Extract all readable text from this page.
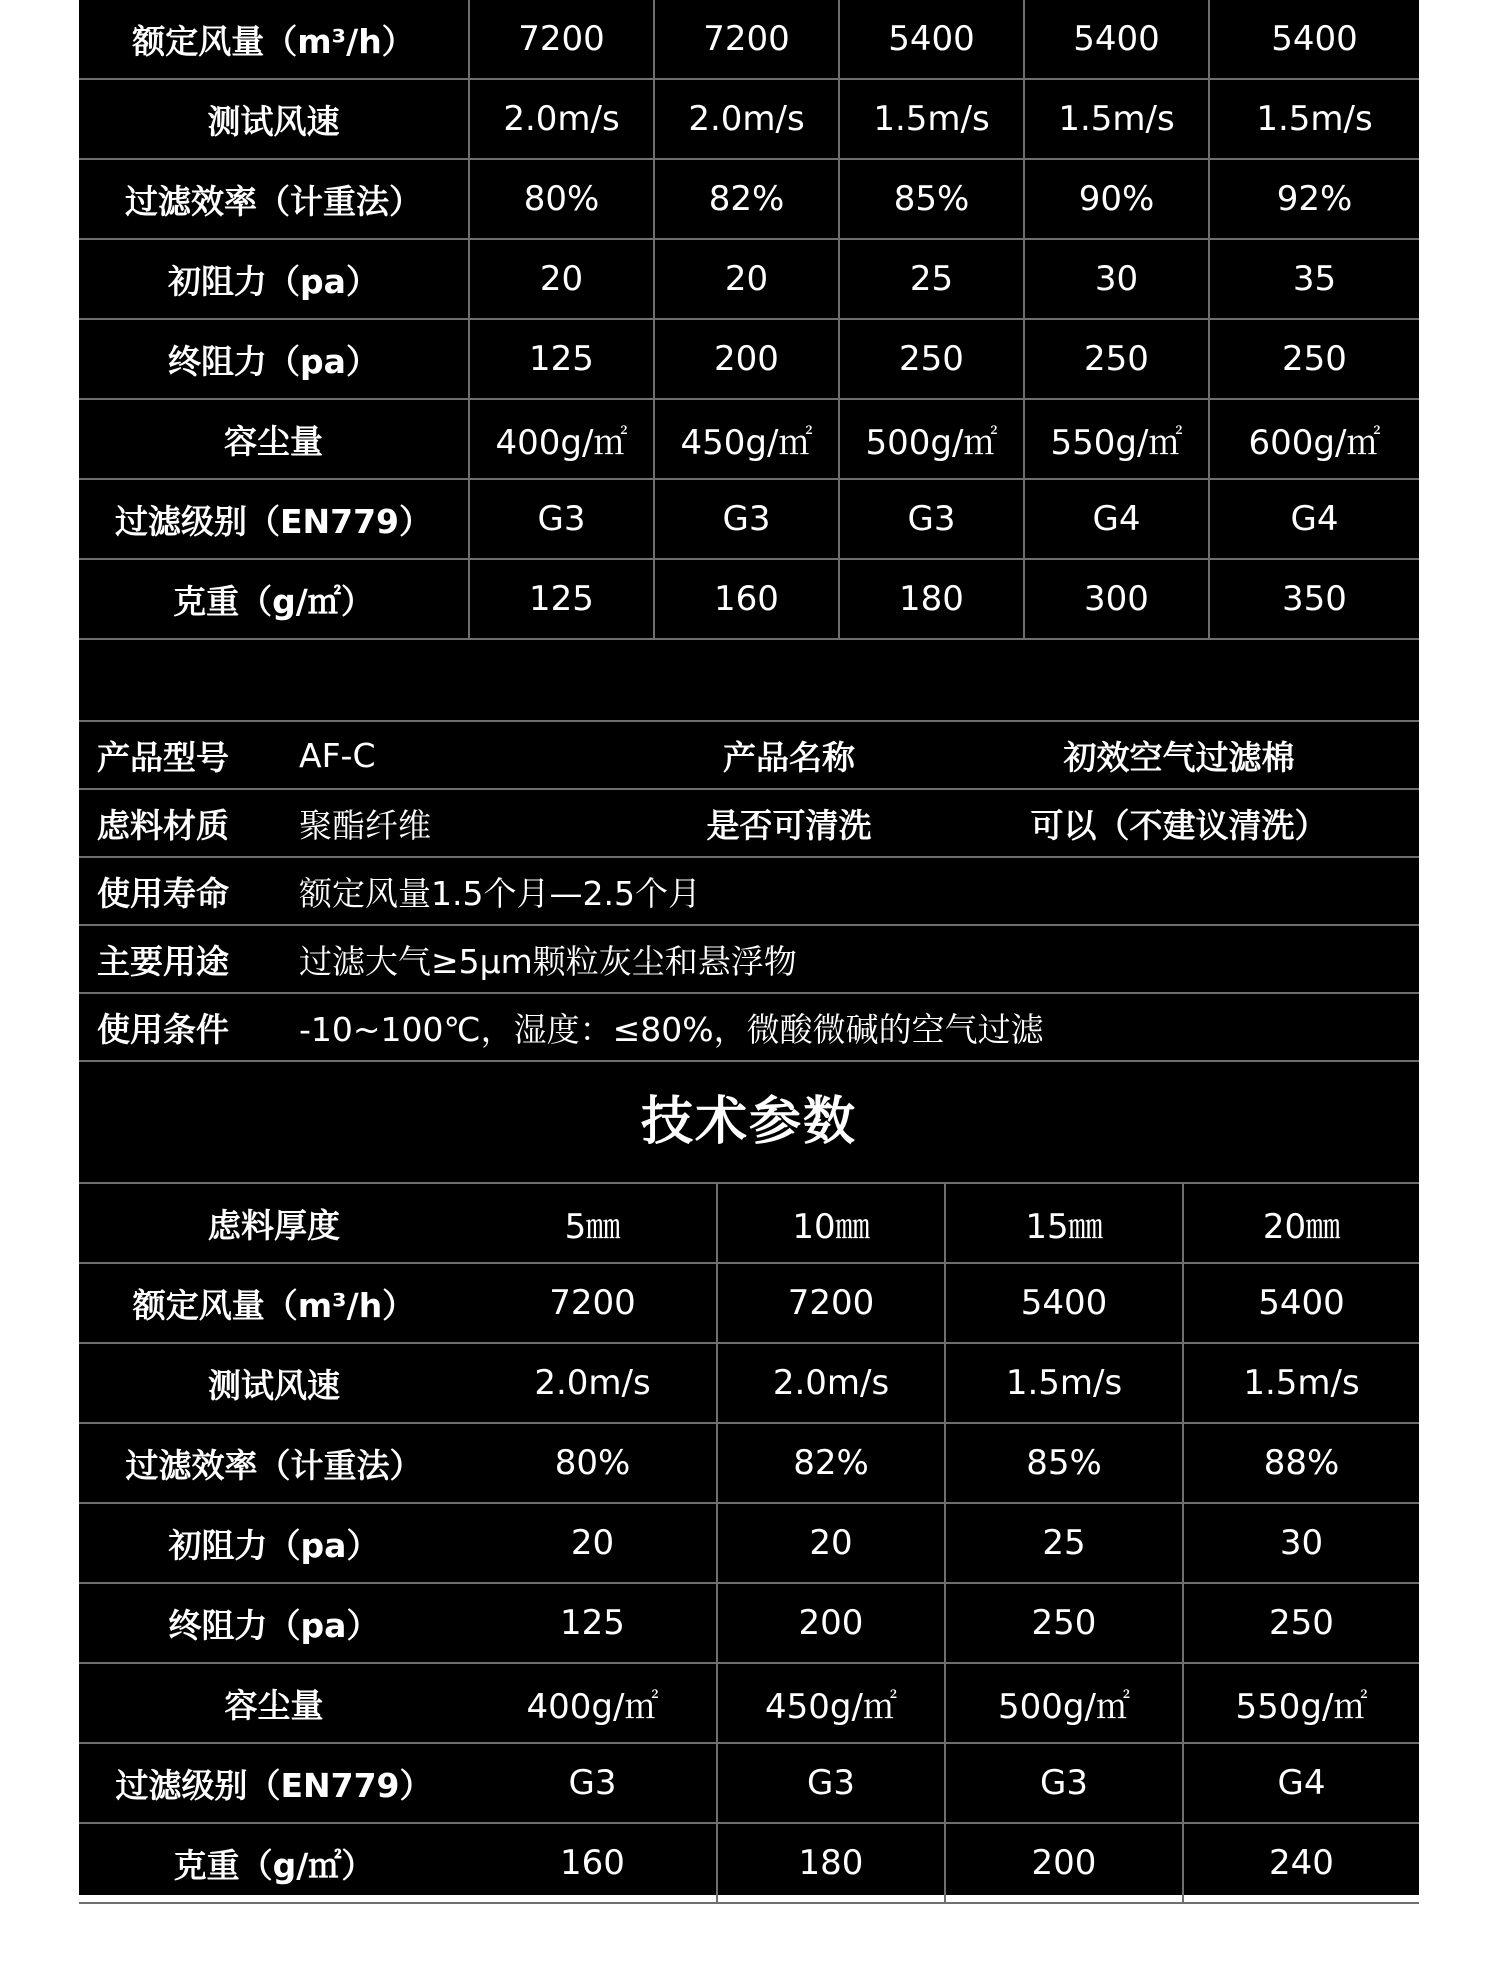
额定风量（m³/h）	7200	7200	5400	5400	5400
测试风速	2.0m/s	2.0m/s	1.5m/s	1.5m/s	1.5m/s
过滤效率（计重法）	80%	82%	85%	90%	92%
初阻力（pa）	20	20	25	30	35
终阻力（pa）	125	200	250	250	250
容尘量	400g/㎡	450g/㎡	500g/㎡	550g/㎡	600g/㎡
过滤级别（EN779）	G3	G3	G3	G4	G4
克重（g/㎡）	125	160	180	300	350
产品型号	AF-C	产品名称	初效空气过滤棉
虑料材质	聚酯纤维	是否可清洗	可以（不建议清洗）
使用寿命	额定风量1.5个月—2.5个月		
主要用途	过滤大气≥5μm颗粒灰尘和悬浮物		
使用条件	-10~100℃，湿度：≤80%，微酸微碱的空气过滤		
技术参数
虑料厚度	5㎜	10㎜	15㎜	20㎜
额定风量（m³/h）	7200	7200	5400	5400
测试风速	2.0m/s	2.0m/s	1.5m/s	1.5m/s
过滤效率（计重法）	80%	82%	85%	88%
初阻力（pa）	20	20	25	30
终阻力（pa）	125	200	250	250
容尘量	400g/㎡	450g/㎡	500g/㎡	550g/㎡
过滤级别（EN779）	G3	G3	G3	G4
克重（g/㎡）	160	180	200	240
